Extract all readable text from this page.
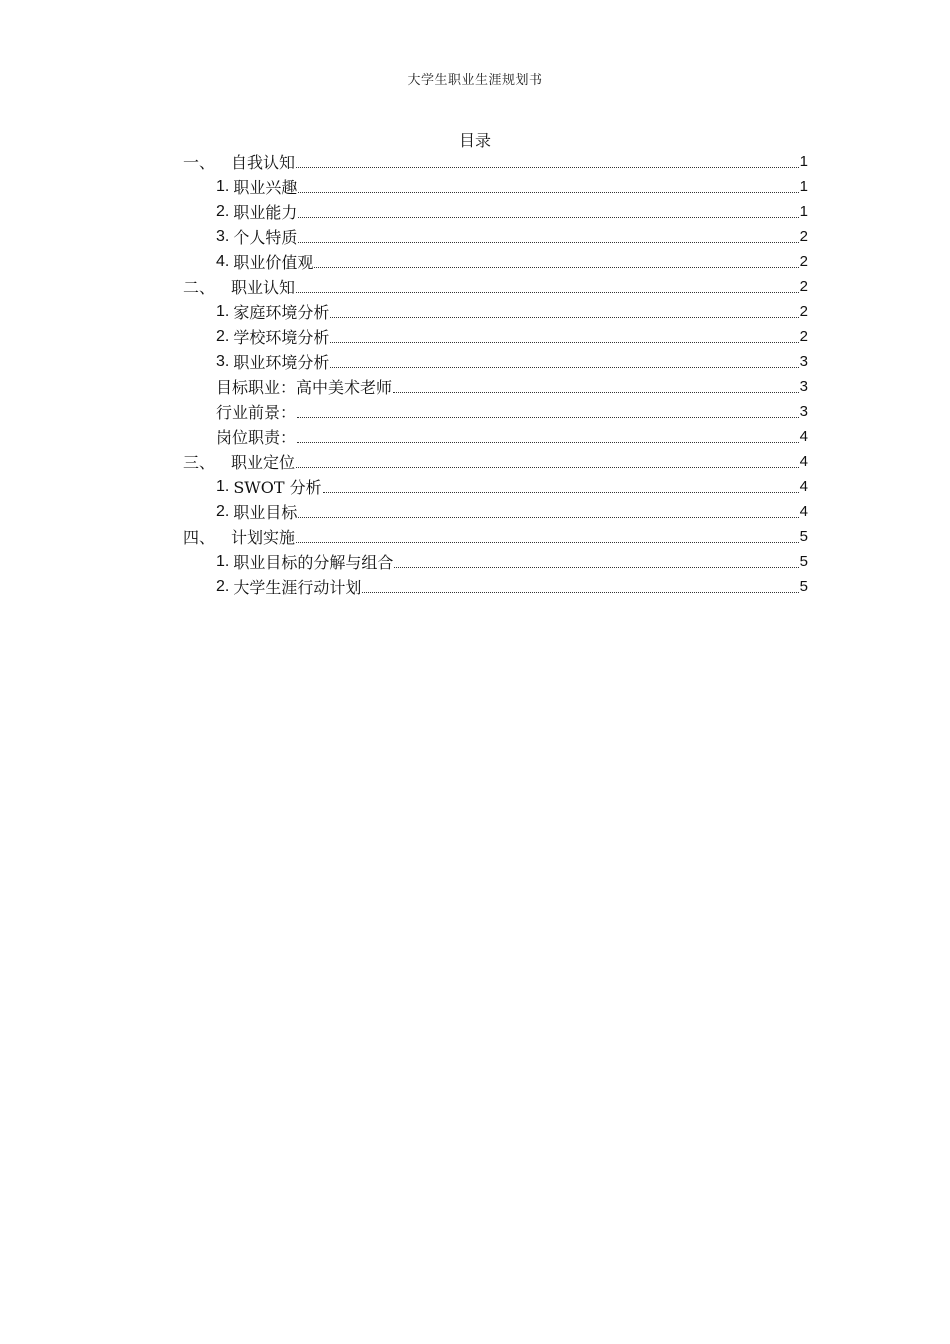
大学生职业生涯规划书
目录
一、 自我认知	1
1. 职业兴趣	1
2. 职业能力	1
3. 个人特质	2
4. 职业价值观	2
二、 职业认知	2
1. 家庭环境分析	2
2. 学校环境分析	2
3. 职业环境分析	3
目标职业：高中美术老师	3
行业前景：	3
岗位职责：	4
三、 职业定位	4
1. SWOT 分析	4
2. 职业目标	4
四、 计划实施	5
1. 职业目标的分解与组合	5
2. 大学生涯行动计划	5
